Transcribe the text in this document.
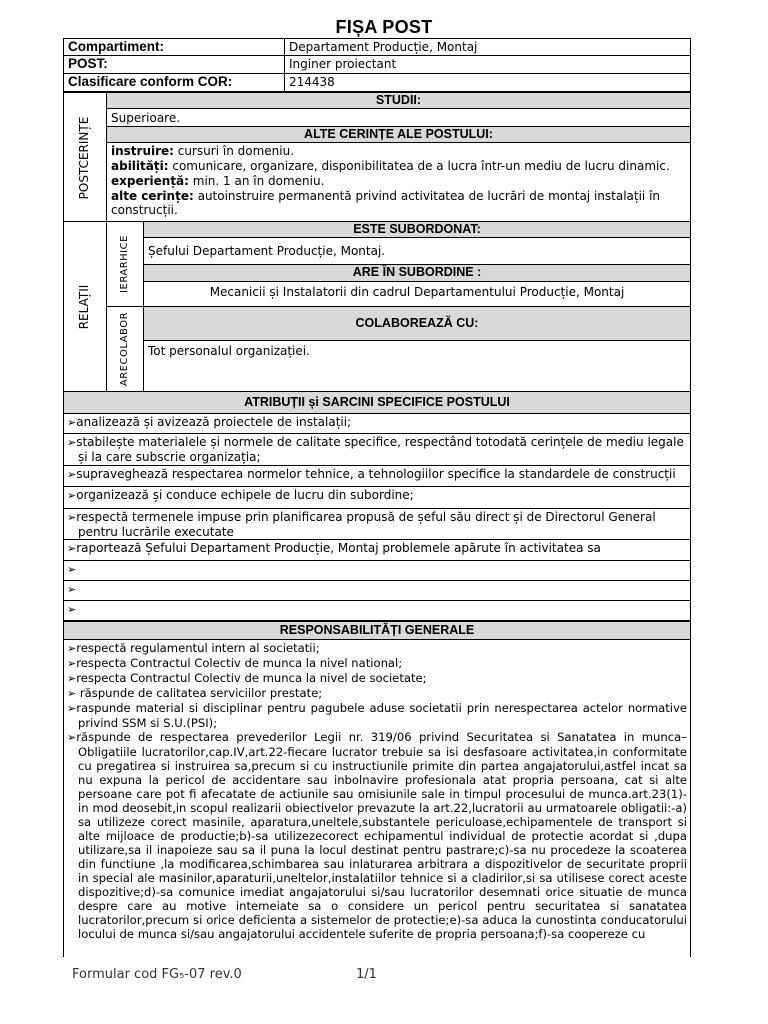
FIȘA POST
Compartiment:	Departament Producție, Montaj
POST:	Inginer proiectant
Clasificare conform COR:	214438
POSTCERINȚE
STUDII:
Superioare.
ALTE CERINȚE ALE POSTULUI:
instruire: cursuri în domeniu.
abilități: comunicare, organizare, disponibilitatea de a lucra într-un mediu de lucru dinamic.
experiență: min. 1 an în domeniu.
alte cerințe: autoinstruire permanentă privind activitatea de lucrări de montaj instalații în construcții.
RELAȚII
IERARHICE
ARECOLABOR
ESTE SUBORDONAT:
Șefului Departament Producție, Montaj.
ARE ÎN SUBORDINE :
Mecanicii și Instalatorii din cadrul Departamentului Producție, Montaj
COLABOREAZĂ CU:
Tot personalul organizației.
ATRIBUȚII și SARCINI SPECIFICE POSTULUI
➢analizează și avizează proiectele de instalații;
➢stabilește materialele și normele de calitate specifice, respectând totodată cerințele de mediu legale și la care subscrie organizația;
➢supraveghează respectarea normelor tehnice, a tehnologiilor specifice la standardele de construcții
➢organizează și conduce echipele de lucru din subordine;
➢respectă termenele impuse prin planificarea propusă de șeful său direct și de Directorul General pentru lucrările executate
➢raportează Șefului Departament Producție, Montaj problemele apărute în activitatea sa
➢
➢
➢
RESPONSABILITĂȚI GENERALE
➢respectă regulamentul intern al societatii;
➢respecta Contractul Colectiv de munca la nivel national;
➢respecta Contractul Colectiv de munca la nivel de societate;
➢ răspunde de calitatea serviciilor prestate;
➢raspunde material si disciplinar pentru pagubele aduse societatii prin nerespectarea actelor normative privind SSM si S.U.(PSI);
➢răspunde de respectarea prevederilor Legii nr. 319/06 privind Securitatea si Sanatatea in munca– Obligatiile lucratorilor,cap.IV,art.22-fiecare lucrator trebuie sa isi desfasoare activitatea,in conformitate cu pregatirea si instruirea sa,precum si cu instructiunile primite din partea angajatorului,astfel incat sa nu expuna la pericol de accidentare sau inbolnavire profesionala atat propria persoana, cat si alte persoane care pot fi afecatate de actiunile sau omisiunile sale in timpul procesului de munca.art.23(1)-in mod deosebit,in scopul realizarii obiectivelor prevazute la art.22,lucratorii au urmatoarele obligatii:-a) sa utilizeze corect masinile, aparatura,uneltele,substantele periculoase,echipamentele de transport si alte mijloace de productie;b)-sa utilizezecorect echipamentul individual de protectie acordat si ,dupa utilizare,sa il inapoieze sau sa il puna la locul destinat pentru pastrare;c)-sa nu procedeze la scoaterea din functiune ,la modificarea,schimbarea sau inlaturarea arbitrara a dispozitivelor de securitate proprii in special ale masinilor,aparaturii,uneltelor,instalatiilor tehnice si a cladirilor,si sa utilisese corect aceste dispozitive;d)-sa comunice imediat angajatorului si/sau lucratorilor desemnati orice situatie de munca despre care au motive intemeiate sa o considere un pericol pentru securitatea si sanatatea lucratorilor,precum si orice deficienta a sistemelor de protectie;e)-sa aduca la cunostinta conducatorului locului de munca si/sau angajatorului accidentele suferite de propria persoana;f)-sa coopereze cu
Formular cod FG₅-07 rev.0	1/1
